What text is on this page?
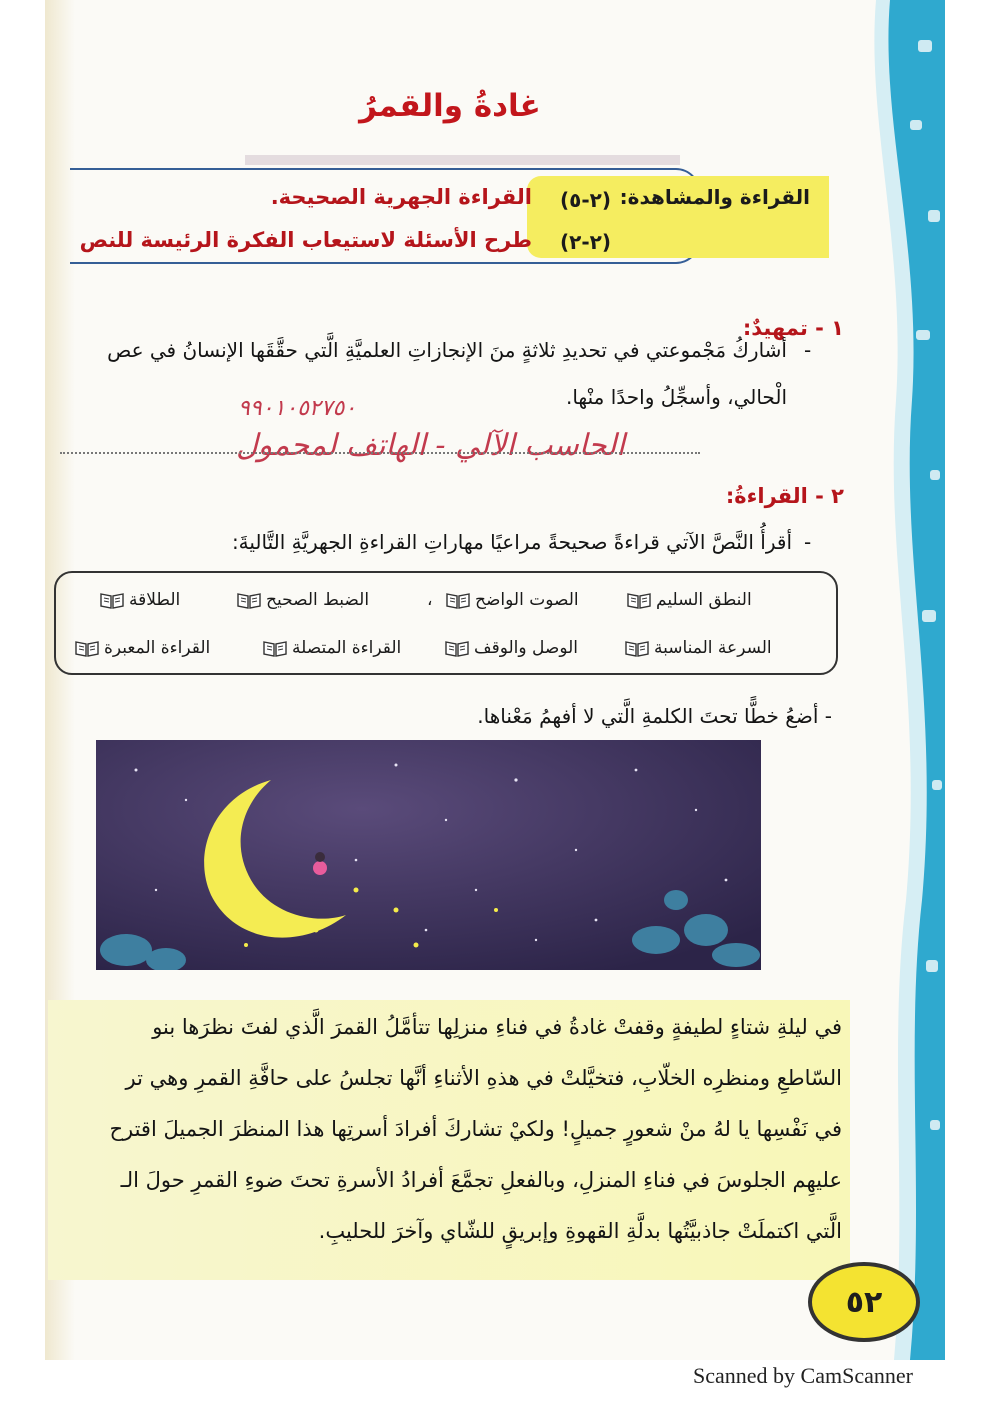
غادةُ والقمرُ
القراءة والمشاهدة:
(٢-٥)
(٢-٢)
القراءة الجهرية الصحيحة.
طرح الأسئلة لاستيعاب الفكرة الرئيسة للنص
١ - تمهيدٌ:
-
أشاركُ مَجْموعتي في تحديدِ ثلاثةٍ منَ الإنجازاتِ العلميَّةِ الَّتي حقَّقَها الإنسانُ في عص
الْحالي، وأسجِّلُ واحدًا منْها.
٩٩٠١٠٥٢٧٥٠
الحاسب الآلي - الهاتف لمحمول
٢ - القراءةُ:
-
أقرأُ النَّصَّ الآتي قراءةً صحيحةً مراعيًا مهاراتِ القراءةِ الجهريَّةِ التَّاليةَ:
النطق السليم
الصوت الواضح
،
الضبط الصحيح
الطلاقة
السرعة المناسبة
الوصل والوقف
القراءة المتصلة
القراءة المعبرة
- أضعُ خطًّا تحتَ الكلمةِ الَّتي لا أفهمُ مَعْناها.
في ليلةِ شتاءٍ لطيفةٍ وقفتْ غادةُ في فناءِ منزلِها تتأمَّلُ القمرَ الَّذي لفتَ نظرَها بنو
السّاطعِ ومنظرِه الخلّابِ، فتخيَّلتْ في هذهِ الأثناءِ أنَّها تجلسُ على حافَّةِ القمرِ وهي تر
في نَفْسِها يا لهُ منْ شعورٍ جميلٍ! ولكيْ تشاركَ أفرادَ أسرتِها هذا المنظرَ الجميلَ اقترح
عليهِم الجلوسَ في فناءِ المنزلِ، وبالفعلِ تجمَّعَ أفرادُ الأسرةِ تحتَ ضوءِ القمرِ حولَ الـ
الَّتي اكتملَتْ جاذبيَّتُها بدلَّةِ القهوةِ وإبريقٍ للشّاي وآخرَ للحليبِ.
٥٢
Scanned by CamScanner
